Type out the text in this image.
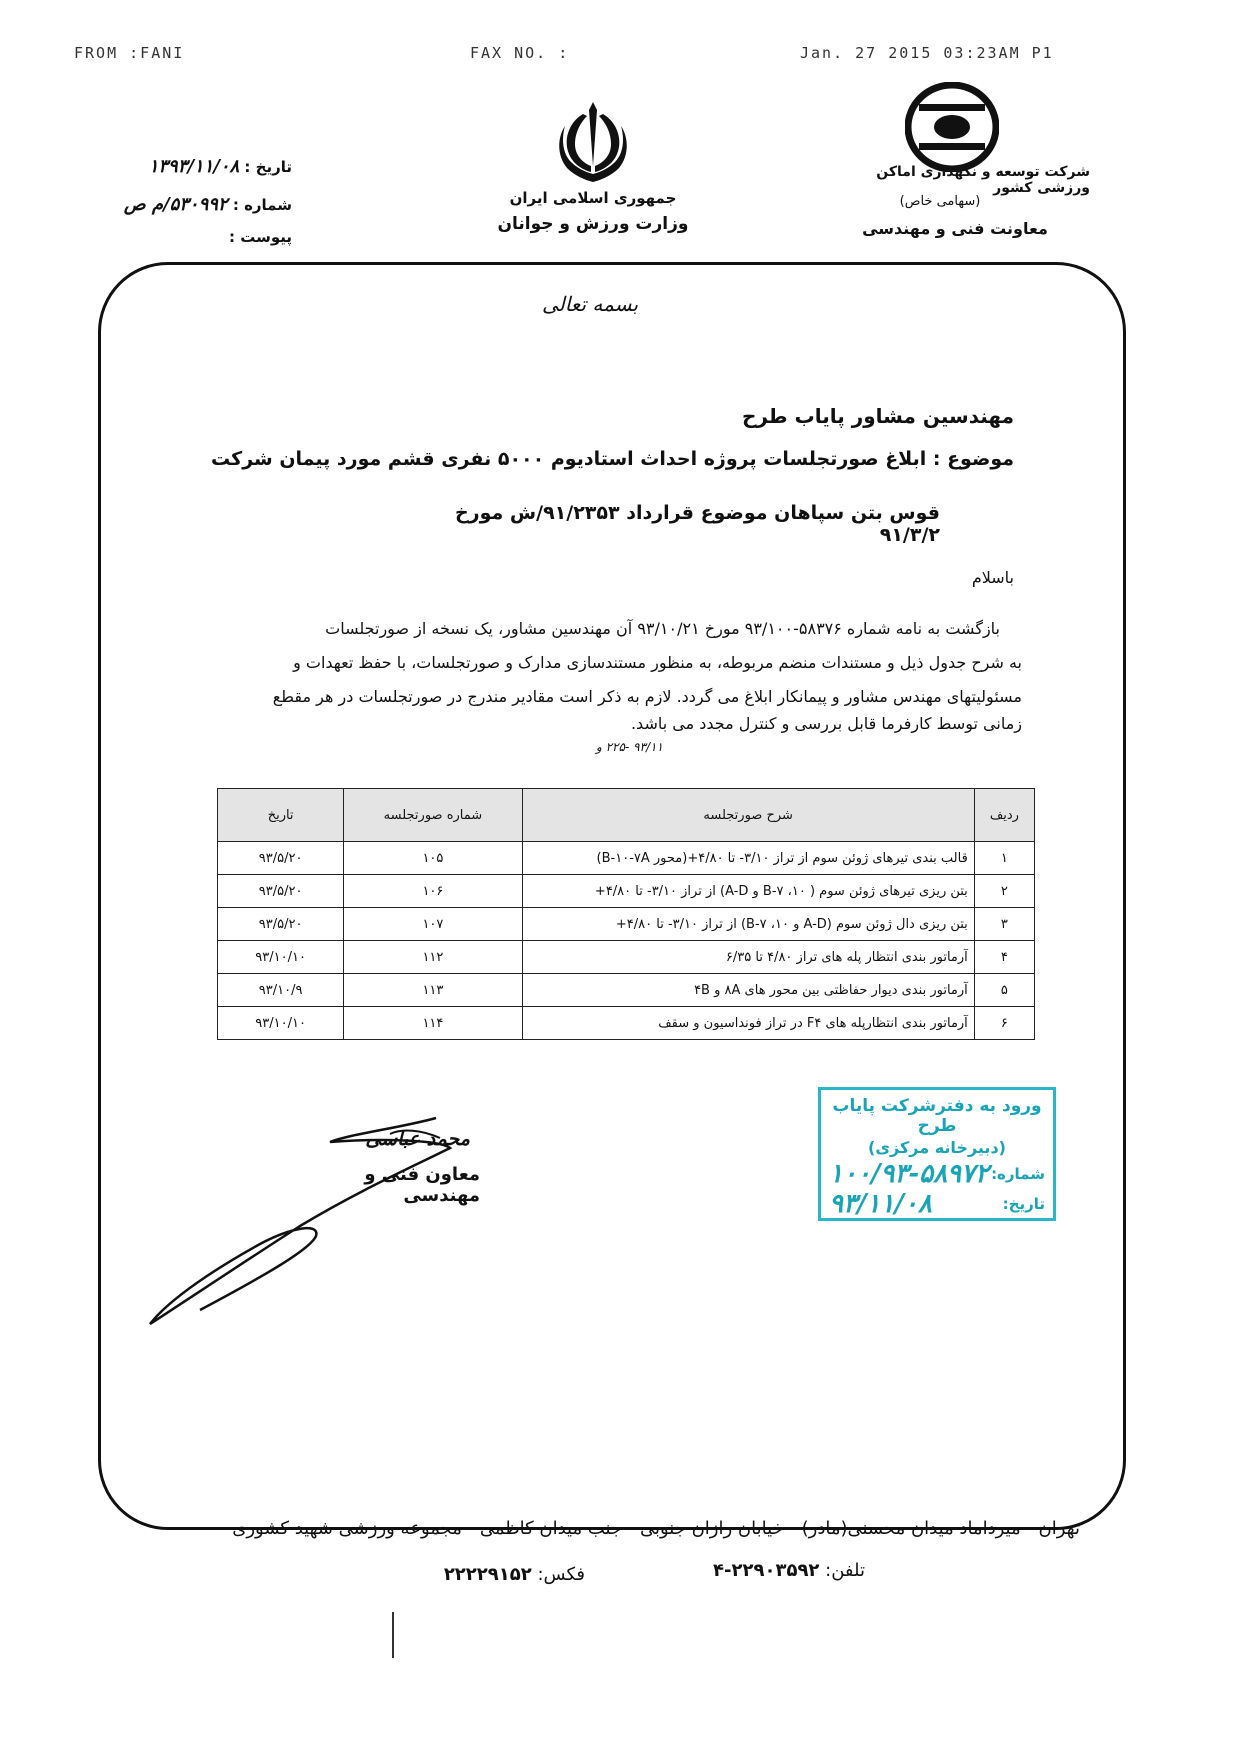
FROM :FANI	FAX NO. :	Jan. 27 2015 03:23AM P1
تاریخ : ۱۳۹۳/۱۱/۰۸
شماره : ۵۳۰۹۹۲/م ص
پیوست :
جمهوری اسلامی ایران
وزارت ورزش و جوانان
شرکت توسعه و نگهداری اماکن ورزشی کشور
(سهامی خاص)
معاونت فنی و مهندسی
بسمه تعالی
مهندسین مشاور پایاب طرح
موضوع : ابلاغ صورتجلسات پروژه احداث استادیوم ۵۰۰۰ نفری قشم مورد پیمان شرکت
قوس بتن سپاهان موضوع قرارداد ۹۱/۲۳۵۳/ش مورخ ۹۱/۳/۲
باسلام
بازگشت به نامه شماره ۵۸۳۷۶-۹۳/۱۰۰ مورخ ۹۳/۱۰/۲۱ آن مهندسین مشاور، یک نسخه از صورتجلسات
به شرح جدول ذیل و مستندات منضم مربوطه، به منظور مستندسازی مدارک و صورتجلسات، با حفظ تعهدات و
مسئولیتهای مهندس مشاور و پیمانکار ابلاغ می گردد. لازم به ذکر است مقادیر مندرج در صورتجلسات در هر مقطع
زمانی توسط کارفرما قابل بررسی و کنترل مجدد می باشد.
۹۳/۱۱ -۲۲۵ و
ردیف	شرح صورتجلسه	شماره صورتجلسه	تاریخ
۱	قالب بندی تیرهای ژوئن سوم از تراز ۳/۱۰- تا ۴/۸۰+(محور B-۱۰-۷A)	۱۰۵	۹۳/۵/۲۰
۲	بتن ریزی تیرهای ژوئن سوم ( B-۷ ،۱۰ و A-D) از تراز ۳/۱۰- تا ۴/۸۰+	۱۰۶	۹۳/۵/۲۰
۳	بتن ریزی دال ژوئن سوم (A-D و B-۷ ،۱۰) از تراز ۳/۱۰- تا ۴/۸۰+	۱۰۷	۹۳/۵/۲۰
۴	آرماتور بندی انتظار پله های تراز ۴/۸۰ تا ۶/۳۵	۱۱۲	۹۳/۱۰/۱۰
۵	آرماتور بندی دیوار حفاظتی بین محور های ۸A و ۴B	۱۱۳	۹۳/۱۰/۹
۶	آرماتور بندی انتظارپله های F۴ در تراز فونداسیون و سقف	۱۱۴	۹۳/۱۰/۱۰
ورود به دفترشرکت پایاب طرح
(دبیرخانه مرکزی)
شماره:
۱۰۰/۹۳-۵۸۹۷۲
تاریخ:
۹۳/۱۱/۰۸
محمد عباسی
معاون فنی و مهندسی
تهران - میرداماد میدان محسنی(مادر) - خیابان رازان جنوبی - جنب میدان کاظمی - مجموعه ورزشی شهید کشوری
تلفن: ۲۲۹۰۳۵۹۲-۴
فکس: ۲۲۲۲۹۱۵۲
